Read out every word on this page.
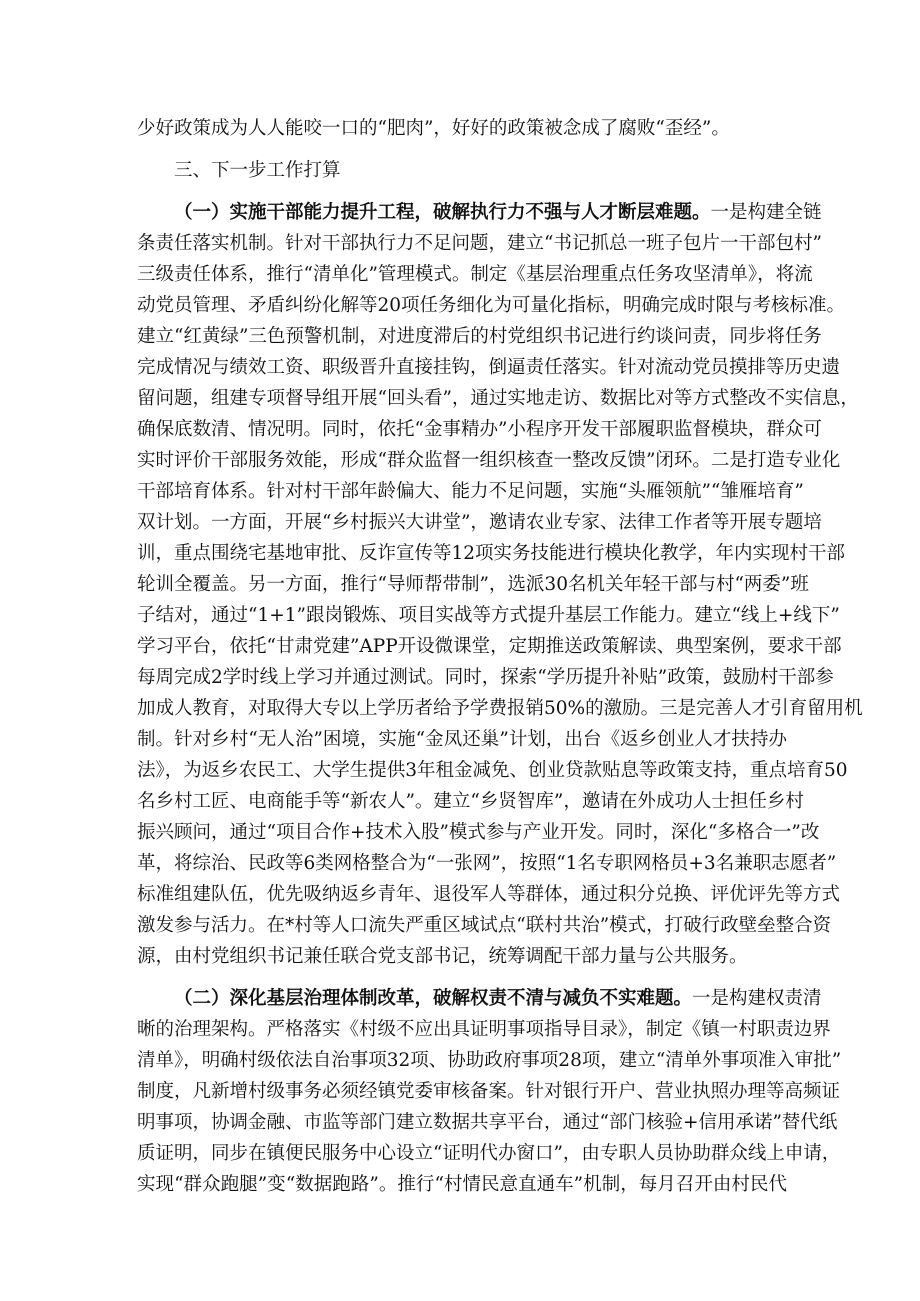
少好政策成为人人能咬一口的“肥肉”，好好的政策被念成了腐败“歪经”。
三、下一步工作打算
（一）实施干部能力提升工程，破解执行力不强与人才断层难题。一是构建全链
条责任落实机制。针对干部执行力不足问题，建立“书记抓总一班子包片一干部包村”
三级责任体系，推行“清单化”管理模式。制定《基层治理重点任务攻坚清单》，将流
动党员管理、矛盾纠纷化解等20项任务细化为可量化指标，明确完成时限与考核标准。
建立“红黄绿”三色预警机制，对进度滞后的村党组织书记进行约谈问责，同步将任务
完成情况与绩效工资、职级晋升直接挂钩，倒逼责任落实。针对流动党员摸排等历史遗
留问题，组建专项督导组开展“回头看”，通过实地走访、数据比对等方式整改不实信息，
确保底数清、情况明。同时，依托“金事精办”小程序开发干部履职监督模块，群众可
实时评价干部服务效能，形成“群众监督一组织核查一整改反馈”闭环。二是打造专业化
干部培育体系。针对村干部年龄偏大、能力不足问题，实施“头雁领航”“雏雁培育”
双计划。一方面，开展“乡村振兴大讲堂”，邀请农业专家、法律工作者等开展专题培
训，重点围绕宅基地审批、反诈宣传等12项实务技能进行模块化教学，年内实现村干部
轮训全覆盖。另一方面，推行“导师帮带制”，选派30名机关年轻干部与村“两委”班
子结对，通过“1+1”跟岗锻炼、项目实战等方式提升基层工作能力。建立“线上+线下”
学习平台，依托“甘肃党建”APP开设微课堂，定期推送政策解读、典型案例，要求干部
每周完成2学时线上学习并通过测试。同时，探索“学历提升补贴”政策，鼓励村干部参
加成人教育，对取得大专以上学历者给予学费报销50%的激励。三是完善人才引育留用机
制。针对乡村“无人治”困境，实施“金凤还巢”计划，出台《返乡创业人才扶持办
法》，为返乡农民工、大学生提供3年租金减免、创业贷款贴息等政策支持，重点培育50
名乡村工匠、电商能手等“新农人”。建立“乡贤智库”，邀请在外成功人士担任乡村
振兴顾问，通过“项目合作+技术入股”模式参与产业开发。同时，深化“多格合一”改
革，将综治、民政等6类网格整合为“一张网”，按照“1名专职网格员+3名兼职志愿者”
标准组建队伍，优先吸纳返乡青年、退役军人等群体，通过积分兑换、评优评先等方式
激发参与活力。在*村等人口流失严重区域试点“联村共治”模式，打破行政壁垒整合资
源，由村党组织书记兼任联合党支部书记，统筹调配干部力量与公共服务。
（二）深化基层治理体制改革，破解权责不清与减负不实难题。一是构建权责清
晰的治理架构。严格落实《村级不应出具证明事项指导目录》，制定《镇一村职责边界
清单》，明确村级依法自治事项32项、协助政府事项28项，建立“清单外事项准入审批”
制度，凡新增村级事务必须经镇党委审核备案。针对银行开户、营业执照办理等高频证
明事项，协调金融、市监等部门建立数据共享平台，通过“部门核验+信用承诺”替代纸
质证明，同步在镇便民服务中心设立“证明代办窗口”，由专职人员协助群众线上申请，
实现“群众跑腿”变“数据跑路”。推行“村情民意直通车”机制，每月召开由村民代
